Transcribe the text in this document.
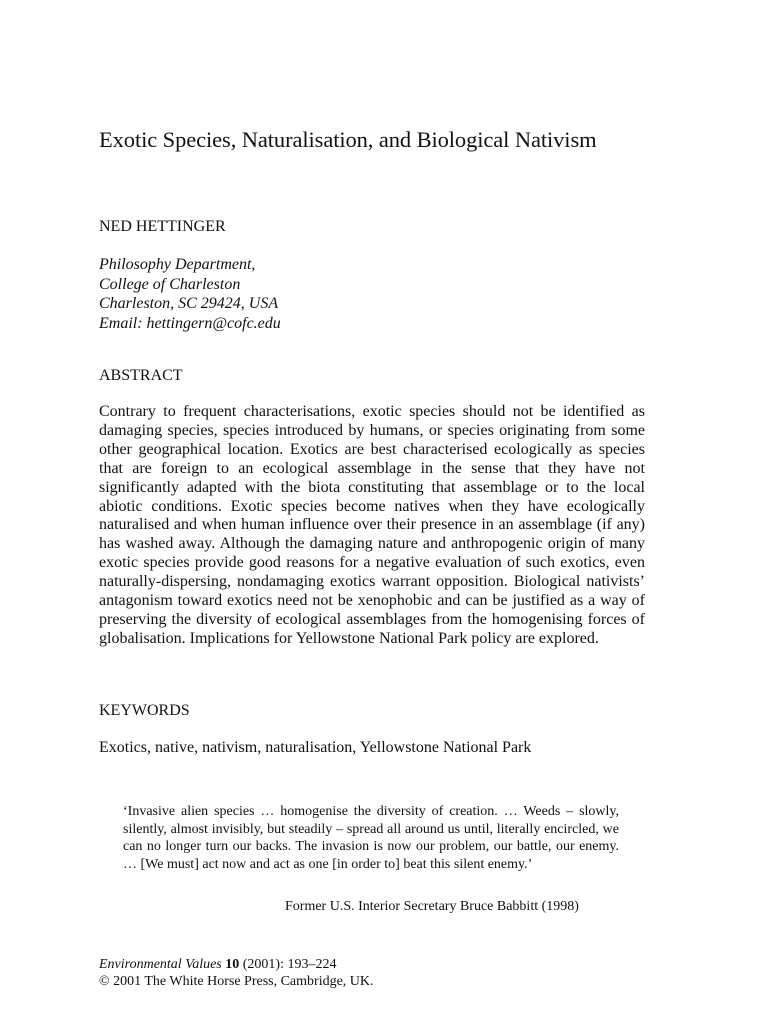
Exotic Species, Naturalisation, and Biological Nativism
NED HETTINGER
Philosophy Department,
College of Charleston
Charleston, SC 29424, USA
Email: hettingern@cofc.edu
ABSTRACT
Contrary to frequent characterisations, exotic species should not be identified as damaging species, species introduced by humans, or species originating from some other geographical location. Exotics are best characterised ecologically as species that are foreign to an ecological assemblage in the sense that they have not significantly adapted with the biota constituting that assemblage or to the local abiotic conditions. Exotic species become natives when they have ecologically naturalised and when human influence over their presence in an assemblage (if any) has washed away. Although the damaging nature and anthropogenic origin of many exotic species provide good reasons for a negative evaluation of such exotics, even naturally-dispersing, nondamaging exotics warrant opposition. Biological nativists’ antagonism toward exotics need not be xenophobic and can be justified as a way of preserving the diversity of ecological assemblages from the homogenising forces of globalisation. Implications for Yellowstone National Park policy are explored.
KEYWORDS
Exotics, native, nativism, naturalisation, Yellowstone National Park
‘Invasive alien species … homogenise the diversity of creation. … Weeds – slowly, silently, almost invisibly, but steadily – spread all around us until, literally encircled, we can no longer turn our backs. The invasion is now our problem, our battle, our enemy. … [We must] act now and act as one [in order to] beat this silent enemy.’
Former U.S. Interior Secretary Bruce Babbitt (1998)
Environmental Values 10 (2001): 193–224
© 2001 The White Horse Press, Cambridge, UK.
